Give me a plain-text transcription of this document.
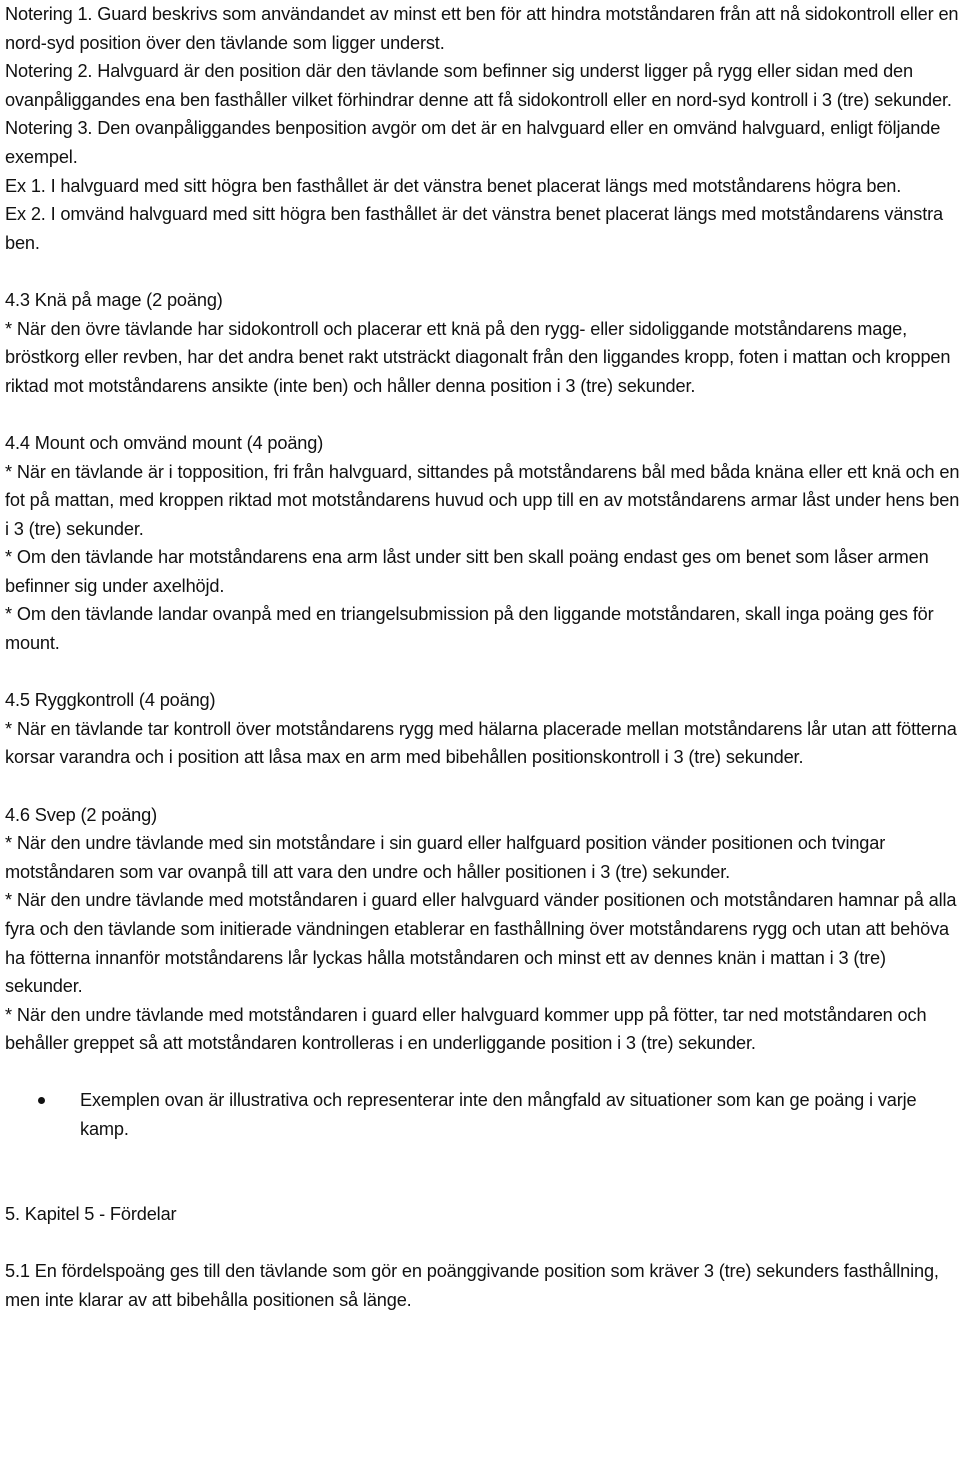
Notering 1. Guard beskrivs som användandet av minst ett ben för att hindra motståndaren från att nå sidokontroll eller en nord-syd position över den tävlande som ligger underst.

Notering 2. Halvguard är den position där den tävlande som befinner sig underst ligger på rygg eller sidan med den ovanpåliggandes ena ben fasthåller vilket förhindrar denne att få sidokontroll eller en nord-syd kontroll i 3 (tre) sekunder.

Notering 3. Den ovanpåliggandes benposition avgör om det är en halvguard eller en omvänd halvguard, enligt följande exempel.

Ex 1. I halvguard med sitt högra ben fasthållet är det vänstra benet placerat längs med motståndarens högra ben.

Ex 2. I omvänd halvguard med sitt högra ben fasthållet är det vänstra benet placerat längs med motståndarens vänstra ben.

4.3 Knä på mage (2 poäng)

* När den övre tävlande har sidokontroll och placerar ett knä på den rygg- eller sidoliggande motståndarens mage, bröstkorg eller revben, har det andra benet rakt utsträckt diagonalt från den liggandes kropp, foten i mattan och kroppen riktad mot motståndarens ansikte (inte ben) och håller denna position i 3 (tre) sekunder.

4.4 Mount och omvänd mount (4 poäng)

* När en tävlande är i topposition, fri från halvguard, sittandes på motståndarens bål med båda knäna eller ett knä och en fot på mattan, med kroppen riktad mot motståndarens huvud och upp till en av motståndarens armar låst under hens ben i 3 (tre) sekunder.

* Om den tävlande har motståndarens ena arm låst under sitt ben skall poäng endast ges om benet som låser armen befinner sig under axelhöjd.

* Om den tävlande landar ovanpå med en triangelsubmission på den liggande motståndaren, skall inga poäng ges för mount.

4.5 Ryggkontroll (4 poäng)

* När en tävlande tar kontroll över motståndarens rygg med hälarna placerade mellan motståndarens lår utan att fötterna korsar varandra och i position att låsa max en arm med bibehållen positionskontroll i 3 (tre) sekunder.

4.6 Svep (2 poäng)

* När den undre tävlande med sin motståndare i sin guard eller halfguard position vänder positionen och tvingar motståndaren som var ovanpå till att vara den undre och håller positionen i 3 (tre) sekunder.

* När den undre tävlande med motståndaren i guard eller halvguard vänder positionen och motståndaren hamnar på alla fyra och den tävlande som initierade vändningen etablerar en fasthållning över motståndarens rygg och utan att behöva ha fötterna innanför motståndarens lår lyckas hålla motståndaren och minst ett av dennes knän i mattan i 3 (tre) sekunder.

* När den undre tävlande med motståndaren i guard eller halvguard kommer upp på fötter, tar ned motståndaren och behåller greppet så att motståndaren kontrolleras i en underliggande position i 3 (tre) sekunder.

Exemplen ovan är illustrativa och representerar inte den mångfald av situationer som kan ge poäng i varje kamp.

5. Kapitel 5 - Fördelar

5.1 En fördelspoäng ges till den tävlande som gör en poänggivande position som kräver 3 (tre) sekunders fasthållning, men inte klarar av att bibehålla positionen så länge.
